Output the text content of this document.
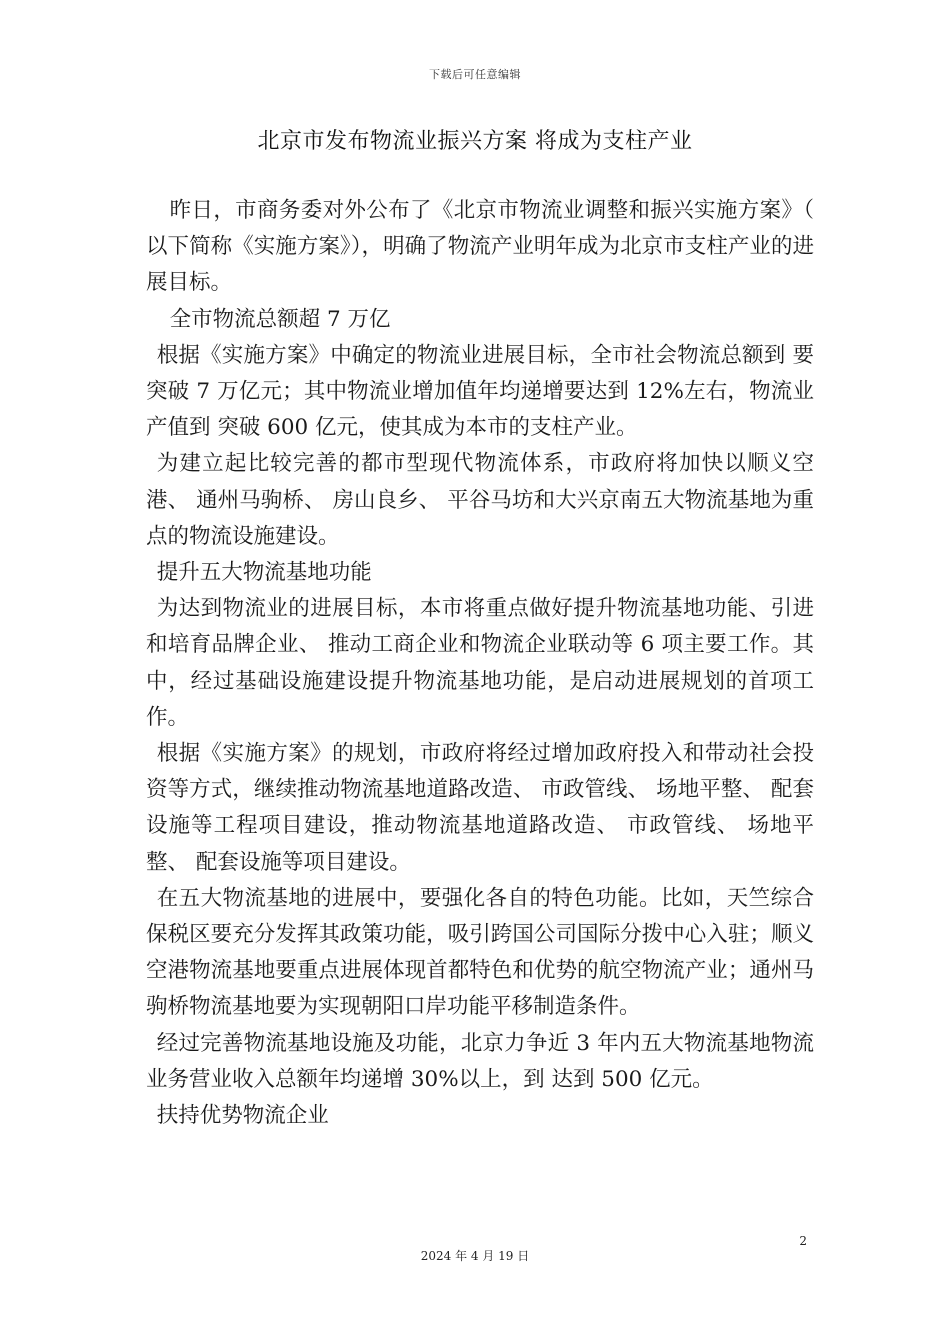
下载后可任意编辑
北京市发布物流业振兴方案 将成为支柱产业

昨日，市商务委对外公布了《北京市物流业调整和振兴实施方案》（ 以下简称《实施方案》），明确了物流产业明年成为北京市支柱产业的进展目标。

全市物流总额超 7 万亿

根据《实施方案》中确定的物流业进展目标，全市社会物流总额到 要突破 7 万亿元；其中物流业增加值年均递增要达到 12%左右，物流业产值到 突破 600 亿元，使其成为本市的支柱产业。

为建立起比较完善的都市型现代物流体系，市政府将加快以顺义空港、 通州马驹桥、 房山良乡、 平谷马坊和大兴京南五大物流基地为重点的物流设施建设。

提升五大物流基地功能

为达到物流业的进展目标，本市将重点做好提升物流基地功能、引进和培育品牌企业、 推动工商企业和物流企业联动等 6 项主要工作。其中，经过基础设施建设提升物流基地功能，是启动进展规划的首项工作。

根据《实施方案》的规划，市政府将经过增加政府投入和带动社会投资等方式，继续推动物流基地道路改造、 市政管线、 场地平整、 配套设施等工程项目建设，推动物流基地道路改造、 市政管线、 场地平整、 配套设施等项目建设。

在五大物流基地的进展中，要强化各自的特色功能。比如，天竺综合保税区要充分发挥其政策功能，吸引跨国公司国际分拨中心入驻；顺义空港物流基地要重点进展体现首都特色和优势的航空物流产业；通州马驹桥物流基地要为实现朝阳口岸功能平移制造条件。

经过完善物流基地设施及功能，北京力争近 3 年内五大物流基地物流业务营业收入总额年均递增 30%以上，到 达到 500 亿元。

扶持优势物流企业

2
2024 年 4 月 19 日
